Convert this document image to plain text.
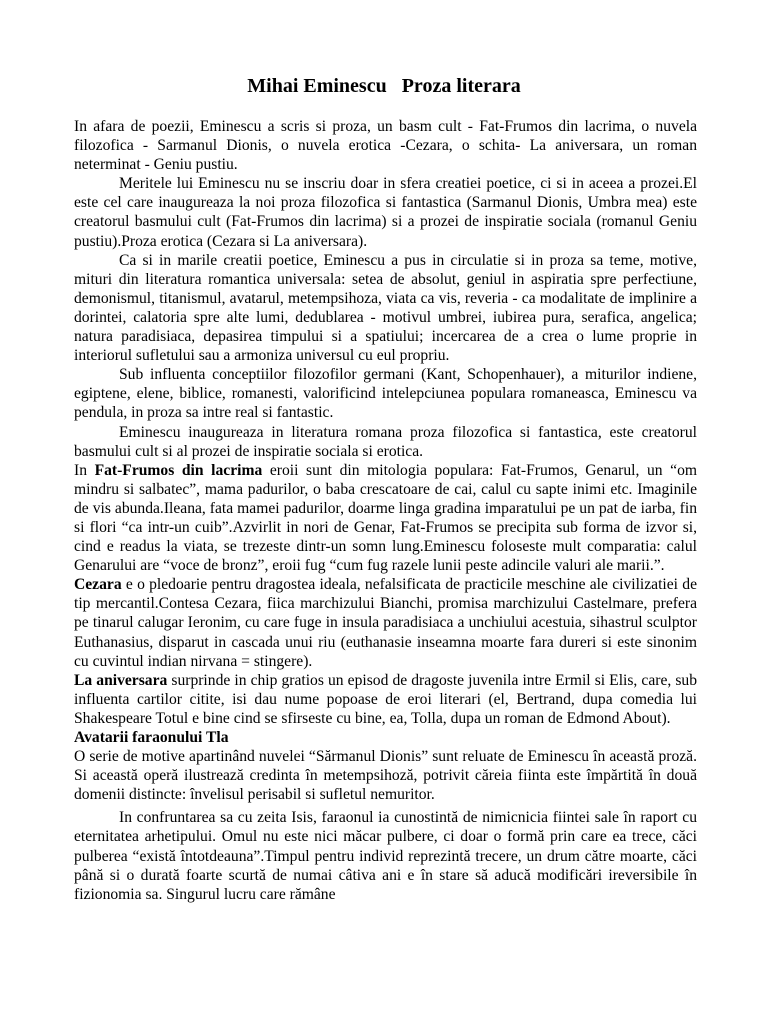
Mihai Eminescu   Proza literara

In afara de poezii, Eminescu a scris si proza, un basm cult - Fat-Frumos din lacrima, o nuvela filozofica - Sarmanul Dionis, o nuvela erotica -Cezara, o schita- La aniversara, un roman neterminat - Geniu pustiu.

Meritele lui Eminescu nu se inscriu doar in sfera creatiei poetice, ci si in aceea a prozei.El este cel care inaugureaza la noi proza filozofica si fantastica (Sarmanul Dionis, Umbra mea) este creatorul basmului cult (Fat-Frumos din lacrima) si a prozei de inspiratie sociala (romanul Geniu pustiu).Proza erotica (Cezara si La aniversara).

Ca si in marile creatii poetice, Eminescu a pus in circulatie si in proza sa teme, motive, mituri din literatura romantica universala: setea de absolut, geniul in aspiratia spre perfectiune, demonismul, titanismul, avatarul, metempsihoza, viata ca vis, reveria - ca modalitate de implinire a dorintei, calatoria spre alte lumi, dedublarea - motivul umbrei, iubirea pura, serafica, angelica; natura paradisiaca, depasirea timpului si a spatiului; incercarea de a crea o lume proprie in interiorul sufletului sau a armoniza universul cu eul propriu.

Sub influenta conceptiilor filozofilor germani (Kant, Schopenhauer), a miturilor indiene, egiptene, elene, biblice, romanesti, valorificind intelepciunea populara romaneasca, Eminescu va pendula, in proza sa intre real si fantastic.

Eminescu inaugureaza in literatura romana proza filozofica si fantastica, este creatorul basmului cult si al prozei de inspiratie sociala si erotica.

In Fat-Frumos din lacrima eroii sunt din mitologia populara: Fat-Frumos, Genarul, un “om mindru si salbatec”, mama padurilor, o baba crescatoare de cai, calul cu sapte inimi etc. Imaginile de vis abunda.Ileana, fata mamei padurilor, doarme linga gradina imparatului pe un pat de iarba, fin si flori “ca intr-un cuib”.Azvirlit in nori de Genar, Fat-Frumos se precipita sub forma de izvor si, cind e readus la viata, se trezeste dintr-un somn lung.Eminescu foloseste mult comparatia: calul Genarului are “voce de bronz”, eroii fug “cum fug razele lunii peste adincile valuri ale marii.”.

Cezara e o pledoarie pentru dragostea ideala, nefalsificata de practicile meschine ale civilizatiei de tip mercantil.Contesa Cezara, fiica marchizului Bianchi, promisa marchizului Castelmare, prefera pe tinarul calugar Ieronim, cu care fuge in insula paradisiaca a unchiului acestuia, sihastrul sculptor Euthanasius, disparut in cascada unui riu (euthanasie inseamna moarte fara dureri si este sinonim cu cuvintul indian nirvana = stingere).

La aniversara surprinde in chip gratios un episod de dragoste juvenila intre Ermil si Elis, care, sub influenta cartilor citite, isi dau nume popoase de eroi literari (el, Bertrand, dupa comedia lui Shakespeare Totul e bine cind se sfirseste cu bine, ea, Tolla, dupa un roman de Edmond About).

Avatarii faraonului Tla

O serie de motive apartinând nuvelei “Sărmanul Dionis” sunt reluate de Eminescu în această proză. Si această operă ilustrează credinta în metempsihoză, potrivit căreia fiinta este împărtită în două domenii distincte: învelisul perisabil si sufletul nemuritor.

In confruntarea sa cu zeita Isis, faraonul ia cunostintă de nimicnicia fiintei sale în raport cu eternitatea arhetipului. Omul nu este nici măcar pulbere, ci doar o formă prin care ea trece, căci pulberea “există întotdeauna”.Timpul pentru individ reprezintă trecere, un drum către moarte, căci până si o durată foarte scurtă de numai câtiva ani e în stare să aducă modificări ireversibile în fizionomia sa. Singurul lucru care rămâne
